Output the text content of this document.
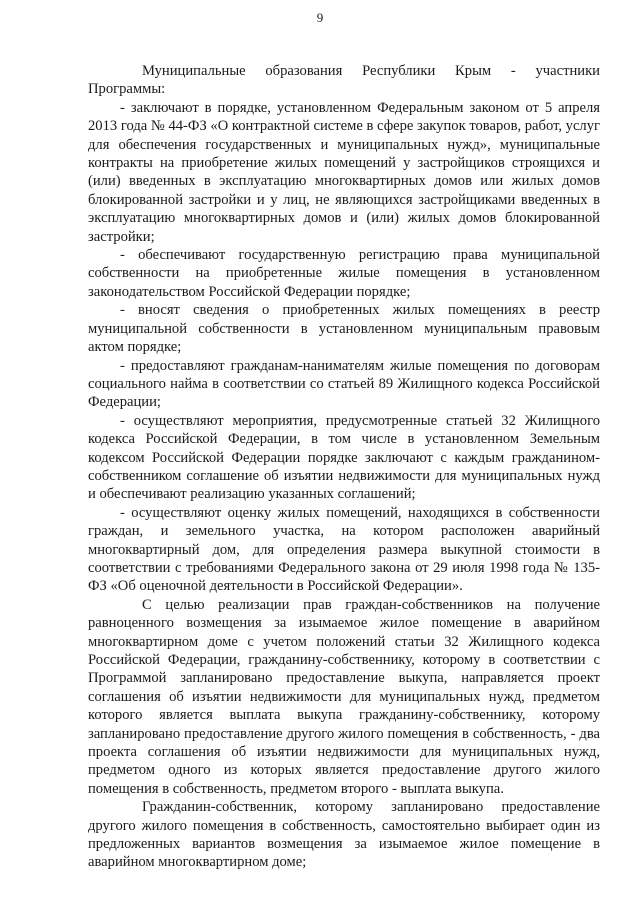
9

Муниципальные образования Республики Крым - участники Программы:

- заключают в порядке, установленном Федеральным законом от 5 апреля 2013 года № 44-ФЗ «О контрактной системе в сфере закупок товаров, работ, услуг для обеспечения государственных и муниципальных нужд», муниципальные контракты на приобретение жилых помещений у застройщиков строящихся и (или) введенных в эксплуатацию многоквартирных домов или жилых домов блокированной застройки и у лиц, не являющихся застройщиками введенных в эксплуатацию многоквартирных домов и (или) жилых домов блокированной застройки;

- обеспечивают государственную регистрацию права муниципальной собственности на приобретенные жилые помещения в установленном законодательством Российской Федерации порядке;

- вносят сведения о приобретенных жилых помещениях в реестр муниципальной собственности в установленном муниципальным правовым актом порядке;

- предоставляют гражданам-нанимателям жилые помещения по договорам социального найма в соответствии со статьей 89 Жилищного кодекса Российской Федерации;

- осуществляют мероприятия, предусмотренные статьей 32 Жилищного кодекса Российской Федерации, в том числе в установленном Земельным кодексом Российской Федерации порядке заключают с каждым гражданином-собственником соглашение об изъятии недвижимости для муниципальных нужд и обеспечивают реализацию указанных соглашений;

- осуществляют оценку жилых помещений, находящихся в собственности граждан, и земельного участка, на котором расположен аварийный многоквартирный дом, для определения размера выкупной стоимости в соответствии с требованиями Федерального закона от 29 июля 1998 года № 135-ФЗ «Об оценочной деятельности в Российской Федерации».

С целью реализации прав граждан-собственников на получение равноценного возмещения за изымаемое жилое помещение в аварийном многоквартирном доме с учетом положений статьи 32 Жилищного кодекса Российской Федерации, гражданину-собственнику, которому в соответствии с Программой запланировано предоставление выкупа, направляется проект соглашения об изъятии недвижимости для муниципальных нужд, предметом которого является выплата выкупа гражданину-собственнику, которому запланировано предоставление другого жилого помещения в собственность, - два проекта соглашения об изъятии недвижимости для муниципальных нужд, предметом одного из которых является предоставление другого жилого помещения в собственность, предметом второго - выплата выкупа.

Гражданин-собственник, которому запланировано предоставление другого жилого помещения в собственность, самостоятельно выбирает один из предложенных вариантов возмещения за изымаемое жилое помещение в аварийном многоквартирном доме;
